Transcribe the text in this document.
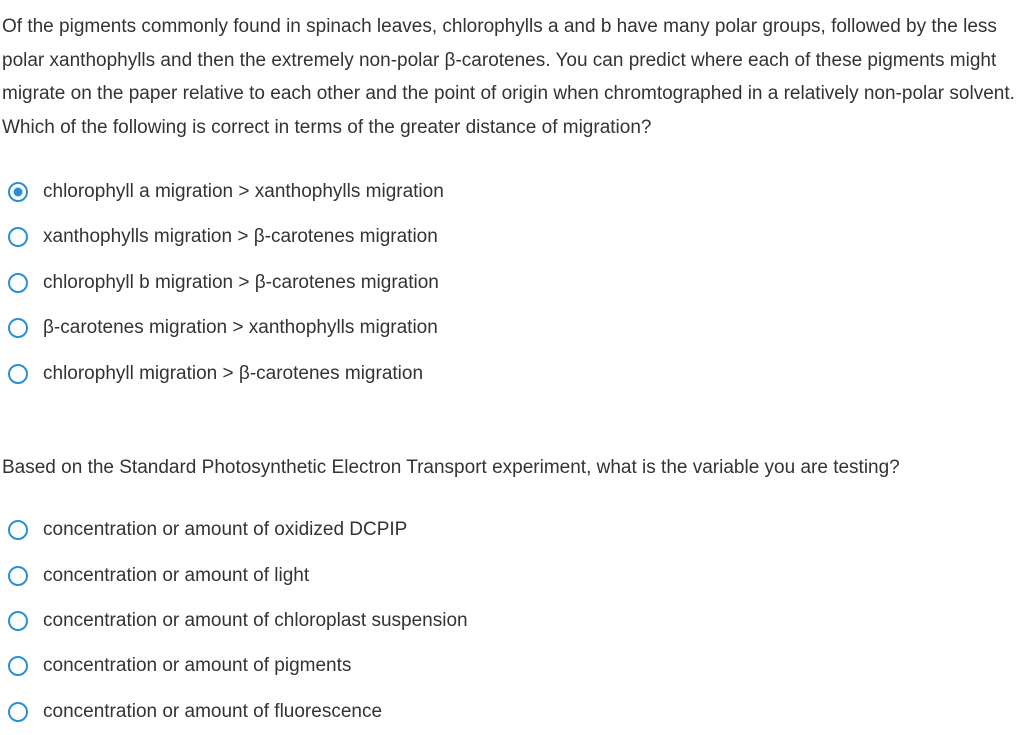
Of the pigments commonly found in spinach leaves, chlorophylls a and b have many polar groups, followed by the less polar xanthophylls and then the extremely non-polar β-carotenes. You can predict where each of these pigments might migrate on the paper relative to each other and the point of origin when chromtographed in a relatively non-polar solvent. Which of the following is correct in terms of the greater distance of migration?

chlorophyll a migration > xanthophylls migration
xanthophylls migration > β-carotenes migration
chlorophyll b migration > β-carotenes migration
β-carotenes migration > xanthophylls migration
chlorophyll migration > β-carotenes migration

Based on the Standard Photosynthetic Electron Transport experiment, what is the variable you are testing?

concentration or amount of oxidized DCPIP
concentration or amount of light
concentration or amount of chloroplast suspension
concentration or amount of pigments
concentration or amount of fluorescence
